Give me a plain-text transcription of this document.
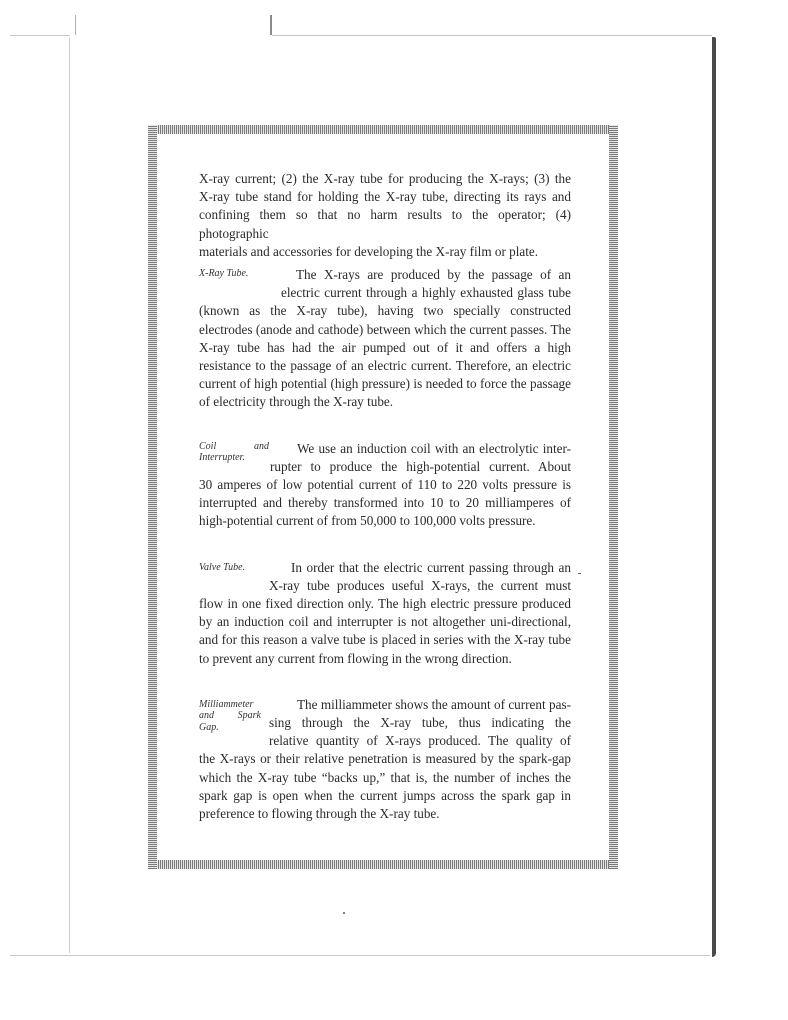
X-ray current; (2) the X-ray tube for producing the X-rays; (3) the
X-ray tube stand for holding the X-ray tube, directing its rays and
confining them so that no harm results to the operator; (4) photographic
materials and accessories for developing the X-ray film or plate.
X-Ray Tube.	The X-rays are produced by the passage of an
electric current through a highly exhausted glass tube

(known as the X-ray tube), having two specially constructed electrodes (anode and cathode) between which the current passes. The X-ray tube has had the air pumped out of it and offers a high resistance to the passage of an electric current. Therefore, an electric current of high potential (high pressure) is needed to force the passage of electricity through the X-ray tube.

Coil and Interrupter.
We use an induction coil with an electrolytic inter-
rupter to produce the high-potential current. About

30 amperes of low potential current of 110 to 220 volts pressure is interrupted and thereby transformed into 10 to 20 milliamperes of high-potential current of from 50,000 to 100,000 volts pressure.

Valve Tube.	In order that the electric current passing through an
X-ray tube produces useful X-rays, the current must

flow in one fixed direction only. The high electric pressure produced by an induction coil and interrupter is not altogether uni-directional, and for this reason a valve tube is placed in series with the X-ray tube to prevent any current from flowing in the wrong direction.

Milliammeter and Spark Gap.
The milliammeter shows the amount of current pas-
sing through the X-ray tube, thus indicating the
relative quantity of X-rays produced. The quality of

the X-rays or their relative penetration is measured by the spark-gap which the X-ray tube “backs up,” that is, the number of inches the spark gap is open when the current jumps across the spark gap in preference to flowing through the X-ray tube.
